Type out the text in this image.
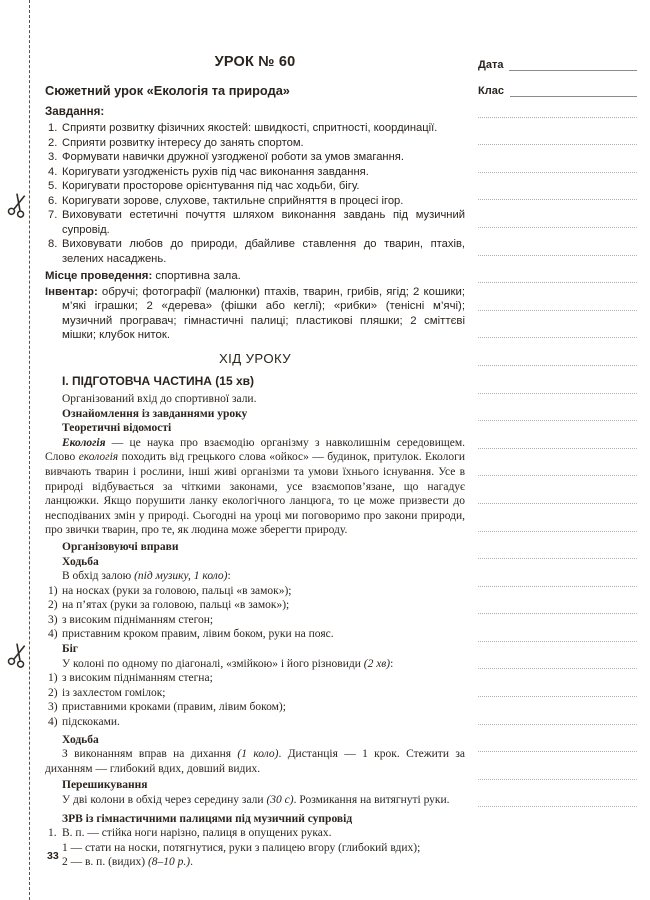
Дата
Клас
УРОК № 60
Сюжетний урок «Екологія та природа»
Завдання:
1. Сприяти розвитку фізичних якостей: швидкості, спритності, координації.
2. Сприяти розвитку інтересу до занять спортом.
3. Формувати навички дружної узгодженої роботи за умов змагання.
4. Коригувати узгодженість рухів під час виконання завдання.
5. Коригувати просторове орієнтування під час ходьби, бігу.
6. Коригувати зорове, слухове, тактильне сприйняття в процесі ігор.
7. Виховувати естетичні почуття шляхом виконання завдань під музичний супровід.
8. Виховувати любов до природи, дбайливе ставлення до тварин, птахів, зелених насаджень.
Місце проведення: спортивна зала.
Інвентар: обручі; фотографії (малюнки) птахів, тварин, грибів, ягід; 2 кошики; м’які іграшки; 2 «дерева» (фішки або кеглі); «рибки» (тенісні м’ячі); музичний програвач; гімнастичні палиці; пластикові пляшки; 2 сміттєві мішки; клубок ниток.
ХІД УРОКУ
І. ПІДГОТОВЧА ЧАСТИНА (15 хв)

Організований вхід до спортивної зали.

Ознайомлення із завданнями уроку

Теоретичні відомості

Екологія — це наука про взаємодію організму з навколишнім середовищем. Слово екологія походить від грецького слова «ойкос» — будинок, притулок. Екологи вивчають тварин і рослини, інші живі організми та умови їхнього існування. Усе в природі відбувається за чіткими законами, усе взаємопов’язане, що нагадує ланцюжки. Якщо порушити ланку екологічного ланцюга, то це може призвести до несподіваних змін у природі. Сьогодні на уроці ми поговоримо про закони природи, про звички тварин, про те, як людина може зберегти природу.

Організовуючі вправи

Ходьба

В обхід залою (під музику, 1 коло):

1) на носках (руки за головою, пальці «в замок»);
2) на п’ятах (руки за головою, пальці «в замок»);
3) з високим підніманням стегон;
4) приставним кроком правим, лівим боком, руки на пояс.

Біг

У колоні по одному по діагоналі, «змійкою» і його різновиди (2 хв):

1) з високим підніманням стегна;
2) із захлестом гомілок;
3) приставними кроками (правим, лівим боком);
4) підскоками.

Ходьба

З виконанням вправ на дихання (1 коло). Дистанція — 1 крок. Стежити за диханням — глибокий вдих, довший видих.

Перешикування

У дві колони в обхід через середину зали (30 с). Розмикання на витягнуті руки.

ЗРВ із гімнастичними палицями під музичний супровід

1. В. п. — стійка ноги нарізно, палиця в опущених руках.

1 — стати на носки, потягнутися, руки з палицею вгору (глибокий вдих);

2 — в. п. (видих) (8–10 р.).

33
